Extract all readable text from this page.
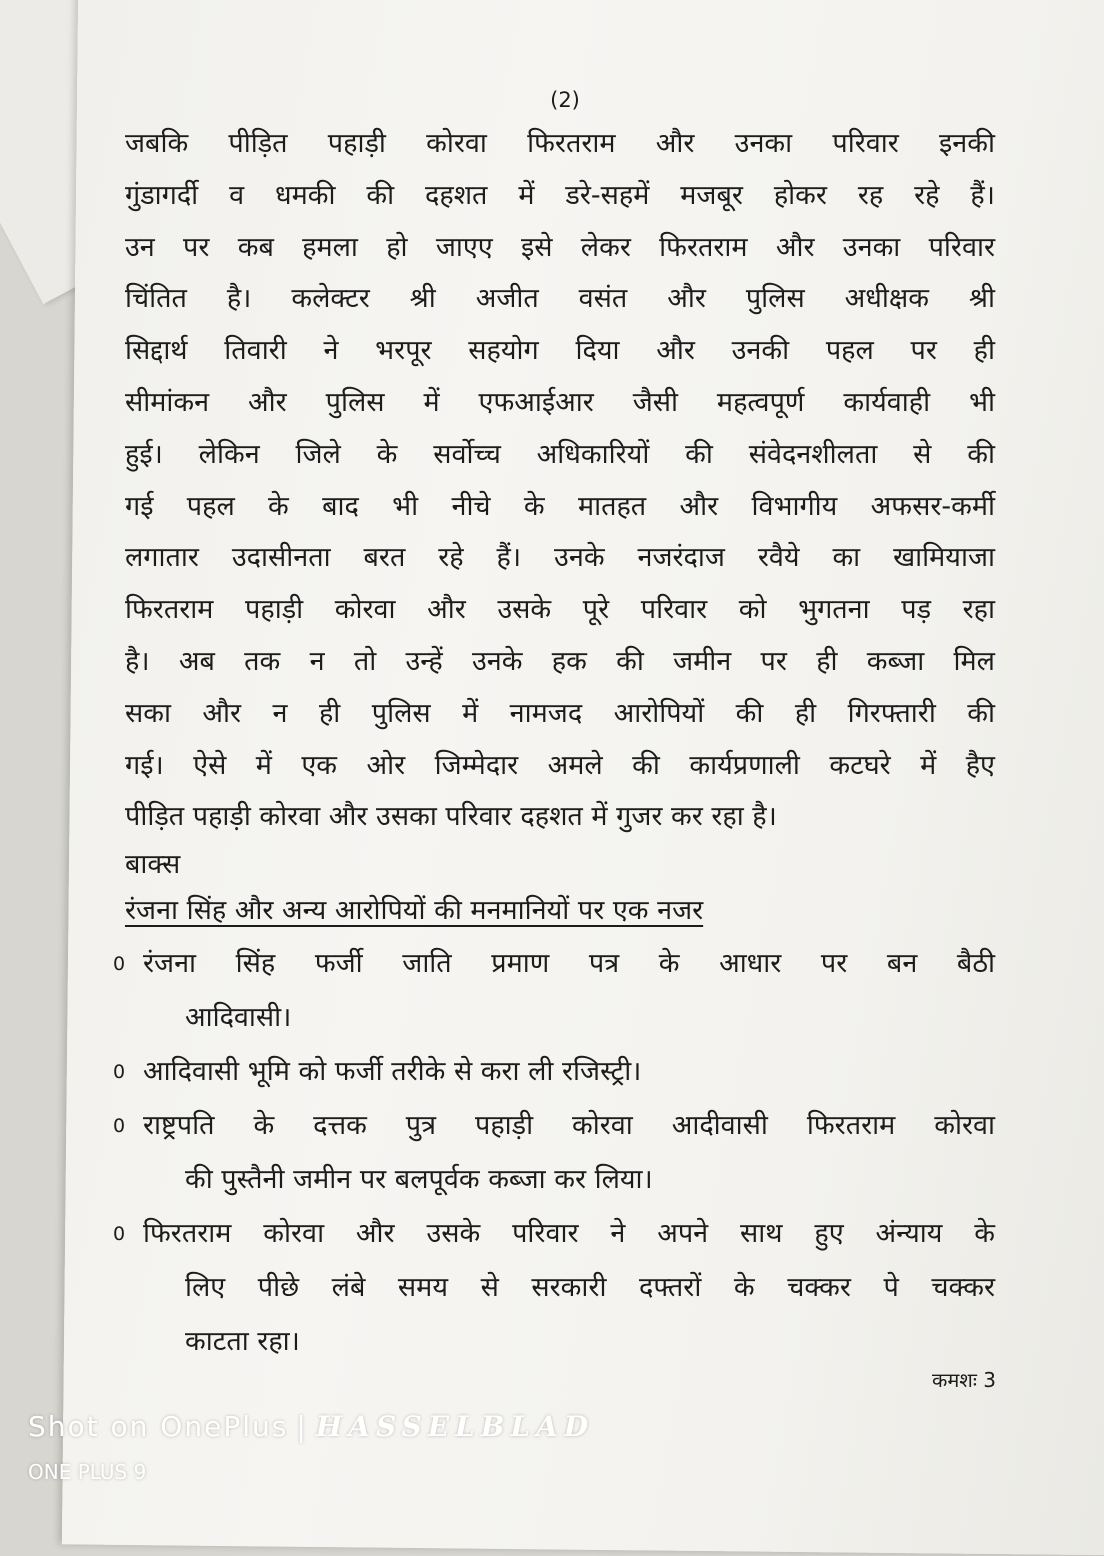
(2)
जबकि पीड़ित पहाड़ी कोरवा फिरतराम और उनका परिवार इनकी
गुंडागर्दी व धमकी की दहशत में डरे-सहमें मजबूर होकर रह रहे हैं।
उन पर कब हमला हो जाएए इसे लेकर फिरतराम और उनका परिवार
चिंतित है। कलेक्टर श्री अजीत वसंत और पुलिस अधीक्षक श्री
सिद्दार्थ तिवारी ने भरपूर सहयोग दिया और उनकी पहल पर ही
सीमांकन और पुलिस में एफआईआर जैसी महत्वपूर्ण कार्यवाही भी
हुई। लेकिन जिले के सर्वोच्च अधिकारियों की संवेदनशीलता से की
गई पहल के बाद भी नीचे के मातहत और विभागीय अफसर-कर्मी
लगातार उदासीनता बरत रहे हैं। उनके नजरंदाज रवैये का खामियाजा
फिरतराम पहाड़ी कोरवा और उसके पूरे परिवार को भुगतना पड़ रहा
है। अब तक न तो उन्हें उनके हक की जमीन पर ही कब्जा मिल
सका और न ही पुलिस में नामजद आरोपियों की ही गिरफ्तारी की
गई। ऐसे में एक ओर जिम्मेदार अमले की कार्यप्रणाली कटघरे में हैए
पीड़ित पहाड़ी कोरवा और उसका परिवार दहशत में गुजर कर रहा है।
बाक्स
रंजना सिंह और अन्य आरोपियों की मनमानियों पर एक नजर
0 रंजना सिंह फर्जी जाति प्रमाण पत्र के आधार पर बन बैठी
आदिवासी।
0 आदिवासी भूमि को फर्जी तरीके से करा ली रजिस्ट्री।
0 राष्ट्रपति के दत्तक पुत्र पहाड़ी कोरवा आदीवासी फिरतराम कोरवा
की पुस्तैनी जमीन पर बलपूर्वक कब्जा कर लिया।
0 फिरतराम कोरवा और उसके परिवार ने अपने साथ हुए अंन्याय के
लिए पीछे लंबे समय से सरकारी दफ्तरों के चक्कर पे चक्कर
काटता रहा।
कमशः 3
Shot on OnePlus | HASSELBLAD
ONE PLUS 9
